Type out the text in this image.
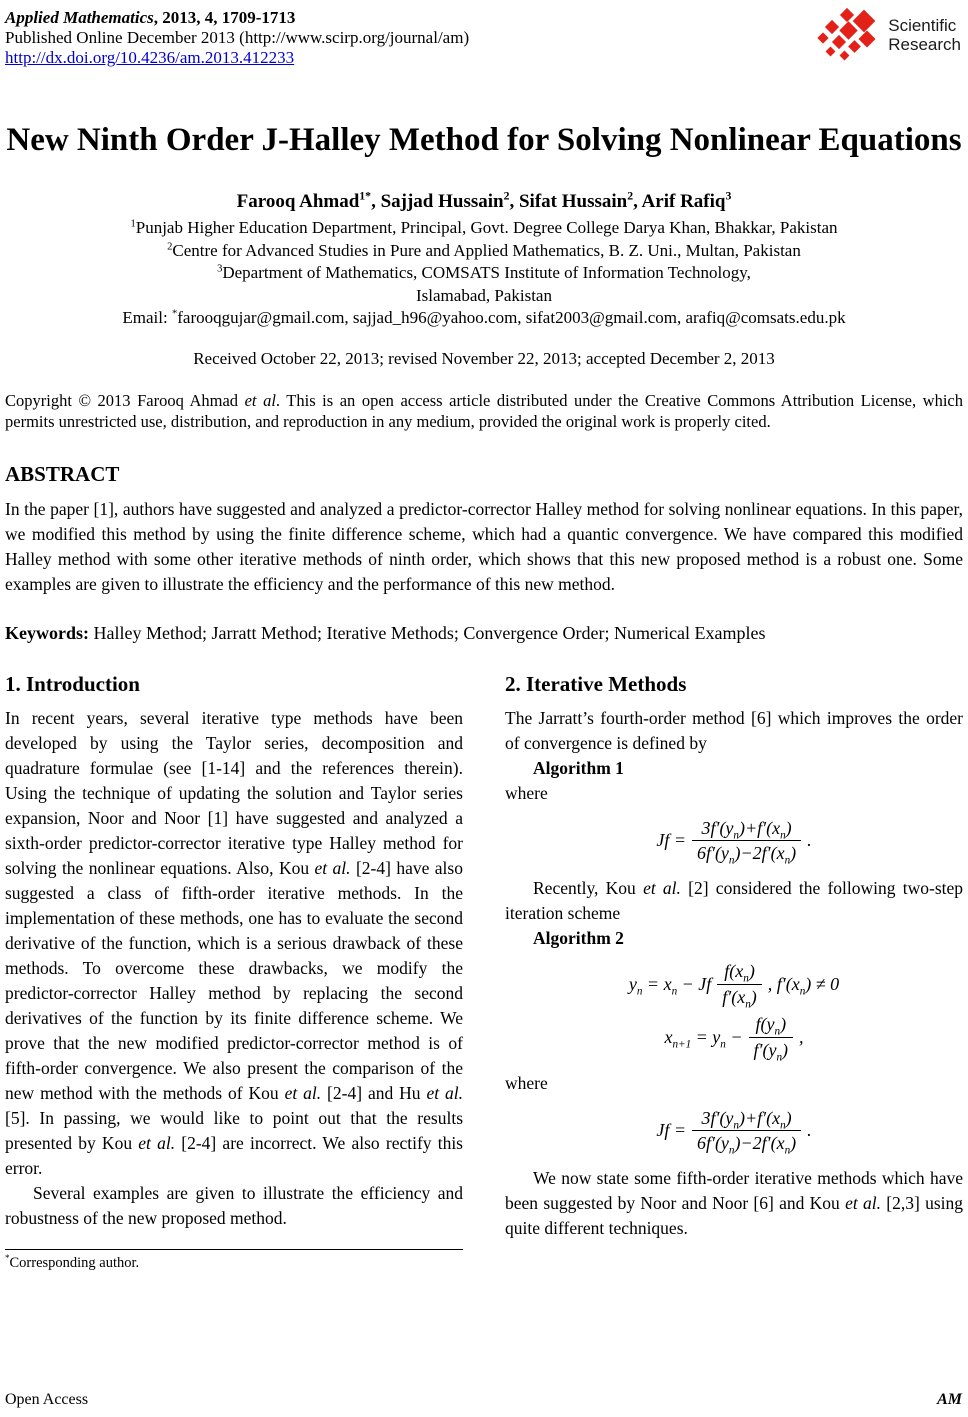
Applied Mathematics, 2013, 4, 1709-1713
Published Online December 2013 (http://www.scirp.org/journal/am)
http://dx.doi.org/10.4236/am.2013.412233
Scientific
Research
New Ninth Order J-Halley Method for Solving Nonlinear Equations
Farooq Ahmad$^{1*}$, Sajjad Hussain$^2$, Sifat Hussain$^2$, Arif Rafiq$^3$
$^1$Punjab Higher Education Department, Principal, Govt. Degree College Darya Khan, Bhakkar, Pakistan
$^2$Centre for Advanced Studies in Pure and Applied Mathematics, B. Z. Uni., Multan, Pakistan
$^3$Department of Mathematics, COMSATS Institute of Information Technology,
Islamabad, Pakistan
Email: *farooqgujar@gmail.com, sajjad_h96@yahoo.com, sifat2003@gmail.com, arafiq@comsats.edu.pk
Received October 22, 2013; revised November 22, 2013; accepted December 2, 2013
Copyright © 2013 Farooq Ahmad et al. This is an open access article distributed under the Creative Commons Attribution License, which permits unrestricted use, distribution, and reproduction in any medium, provided the original work is properly cited.
ABSTRACT
In the paper [1], authors have suggested and analyzed a predictor-corrector Halley method for solving nonlinear equations. In this paper, we modified this method by using the finite difference scheme, which had a quantic convergence. We have compared this modified Halley method with some other iterative methods of ninth order, which shows that this new proposed method is a robust one. Some examples are given to illustrate the efficiency and the performance of this new method.
Keywords: Halley Method; Jarratt Method; Iterative Methods; Convergence Order; Numerical Examples
1. Introduction

In recent years, several iterative type methods have been developed by using the Taylor series, decomposition and quadrature formulae (see [1-14] and the references therein). Using the technique of updating the solution and Taylor series expansion, Noor and Noor [1] have suggested and analyzed a sixth-order predictor-corrector iterative type Halley method for solving the nonlinear equations. Also, Kou et al. [2-4] have also suggested a class of fifth-order iterative methods. In the implementation of these methods, one has to evaluate the second derivative of the function, which is a serious drawback of these methods. To overcome these drawbacks, we modify the predictor-corrector Halley method by replacing the second derivatives of the function by its finite difference scheme. We prove that the new modified predictor-corrector method is of fifth-order convergence. We also present the comparison of the new method with the methods of Kou et al. [2-4] and Hu et al. [5]. In passing, we would like to point out that the results presented by Kou et al. [2-4] are incorrect. We also rectify this error.

Several examples are given to illustrate the efficiency and robustness of the new proposed method.

*Corresponding author.

2. Iterative Methods

The Jarratt’s fourth-order method [6] which improves the order of convergence is defined by

Algorithm 1
where
$Jf = \frac{3f'(y_n)+f'(x_n)}{6f'(y_n)-2f'(x_n)}$ .

Recently, Kou et al. [2] considered the following two-step iteration scheme

Algorithm 2
$y_n = x_n - Jf \frac{f(x_n)}{f'(x_n)}$ , $f'(x_n) \ne 0$
$x_{n+1} = y_n - \frac{f(y_n)}{f'(y_n)}$ ,
where
$Jf = \frac{3f'(y_n)+f'(x_n)}{6f'(y_n)-2f'(x_n)}$ .

We now state some fifth-order iterative methods which have been suggested by Noor and Noor [6] and Kou et al. [2,3] using quite different techniques.

Open Access	AM
